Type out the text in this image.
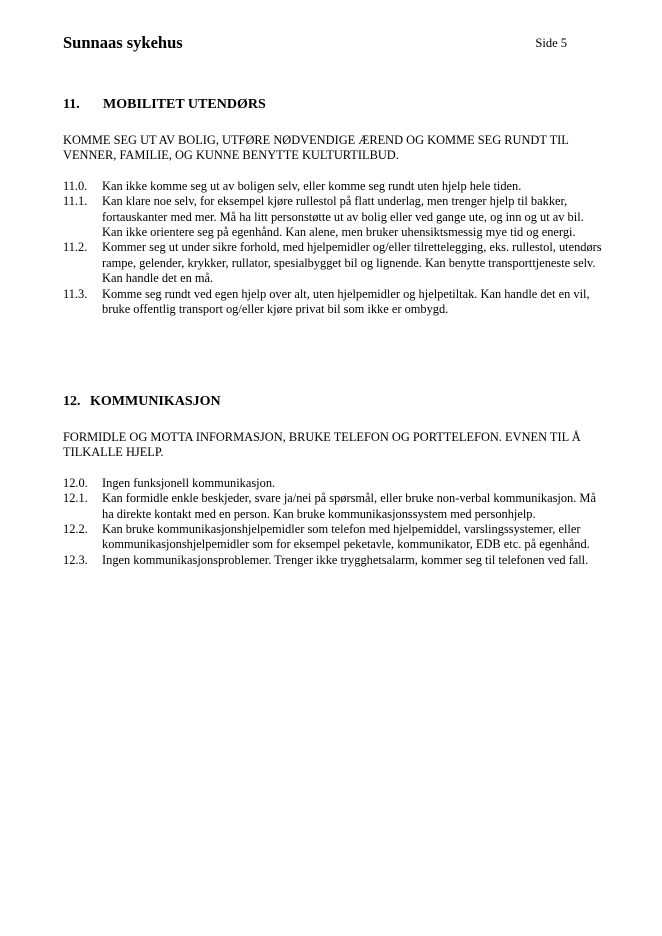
Sunnaas sykehus	Side 5
11. MOBILITET UTENDØRS
KOMME SEG UT AV BOLIG, UTFØRE NØDVENDIGE ÆREND OG KOMME SEG RUNDT TIL VENNER, FAMILIE, OG KUNNE BENYTTE KULTURTILBUD.
11.0.	Kan ikke komme seg ut av boligen selv, eller komme seg rundt uten hjelp hele tiden.
11.1.	Kan klare noe selv, for eksempel kjøre rullestol på flatt underlag, men trenger hjelp til bakker, fortauskanter med mer. Må ha litt personstøtte ut av bolig eller ved gange ute, og inn og ut av bil. Kan ikke orientere seg på egenhånd. Kan alene, men bruker uhensiktsmessig mye tid og energi.
11.2.	Kommer seg ut under sikre forhold, med hjelpemidler og/eller tilrettelegging, eks. rullestol, utendørs rampe, gelender, krykker, rullator, spesialbygget bil og lignende. Kan benytte transporttjeneste selv. Kan handle det en må.
11.3.	Komme seg rundt ved egen hjelp over alt, uten hjelpemidler og hjelpetiltak. Kan handle det en vil, bruke offentlig transport og/eller kjøre privat bil som ikke er ombygd.
12. KOMMUNIKASJON
FORMIDLE OG MOTTA INFORMASJON, BRUKE TELEFON OG PORTTELEFON. EVNEN TIL Å TILKALLE HJELP.
12.0.	Ingen funksjonell kommunikasjon.
12.1.	Kan formidle enkle beskjeder, svare ja/nei på spørsmål, eller bruke non-verbal kommunikasjon. Må ha direkte kontakt med en person. Kan bruke kommunikasjonssystem med personhjelp.
12.2.	Kan bruke kommunikasjonshjelpemidler som telefon med hjelpemiddel, varslingssystemer, eller kommunikasjonshjelpemidler som for eksempel peketavle, kommunikator, EDB etc. på egenhånd.
12.3.	Ingen kommunikasjonsproblemer. Trenger ikke trygghetsalarm, kommer seg til telefonen ved fall.
